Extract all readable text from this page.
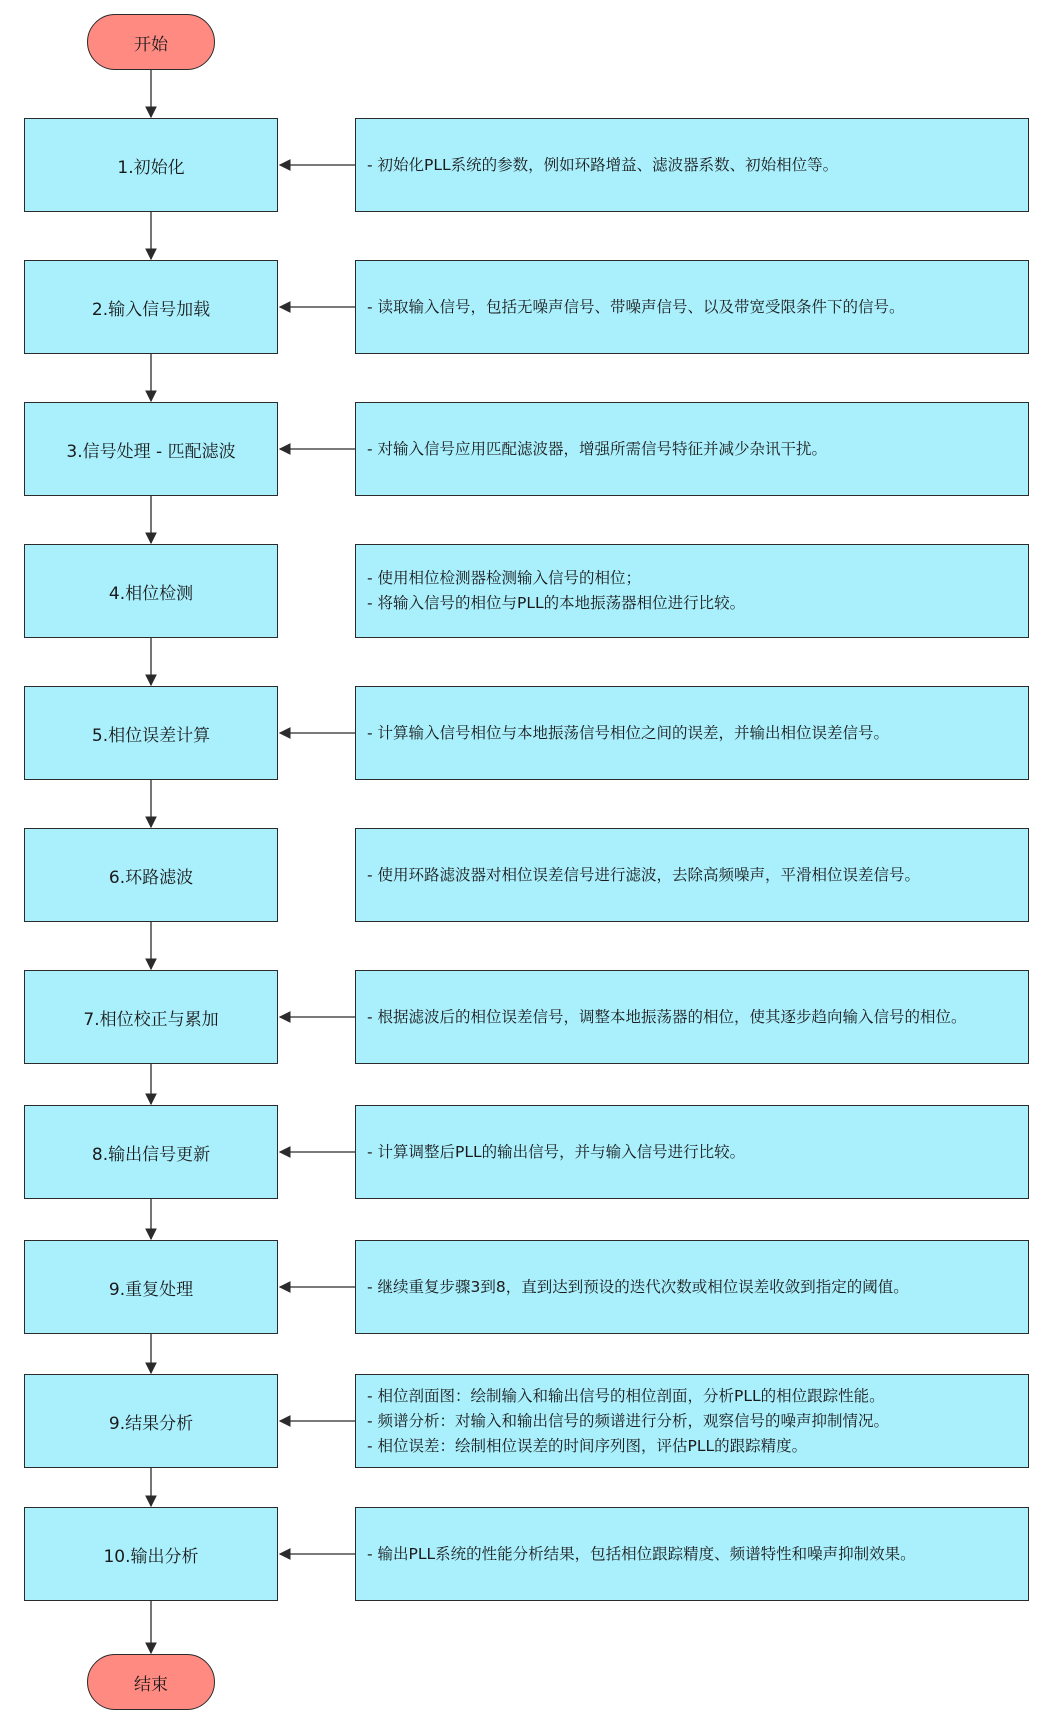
开始
1.初始化	- 初始化PLL系统的参数，例如环路增益、滤波器系数、初始相位等。
2.输入信号加载	- 读取输入信号，包括无噪声信号、带噪声信号、以及带宽受限条件下的信号。
3.信号处理 - 匹配滤波	- 对输入信号应用匹配滤波器，增强所需信号特征并减少杂讯干扰。
4.相位检测
- 使用相位检测器检测输入信号的相位；
- 将输入信号的相位与PLL的本地振荡器相位进行比较。
5.相位误差计算	- 计算输入信号相位与本地振荡信号相位之间的误差，并输出相位误差信号。
6.环路滤波	- 使用环路滤波器对相位误差信号进行滤波，去除高频噪声，平滑相位误差信号。
7.相位校正与累加	- 根据滤波后的相位误差信号，调整本地振荡器的相位，使其逐步趋向输入信号的相位。
8.输出信号更新	- 计算调整后PLL的输出信号，并与输入信号进行比较。
9.重复处理	- 继续重复步骤3到8，直到达到预设的迭代次数或相位误差收敛到指定的阈值。
9.结果分析
- 相位剖面图：绘制输入和输出信号的相位剖面，分析PLL的相位跟踪性能。
- 频谱分析：对输入和输出信号的频谱进行分析，观察信号的噪声抑制情况。
- 相位误差：绘制相位误差的时间序列图，评估PLL的跟踪精度。
10.输出分析	- 输出PLL系统的性能分析结果，包括相位跟踪精度、频谱特性和噪声抑制效果。
结束
